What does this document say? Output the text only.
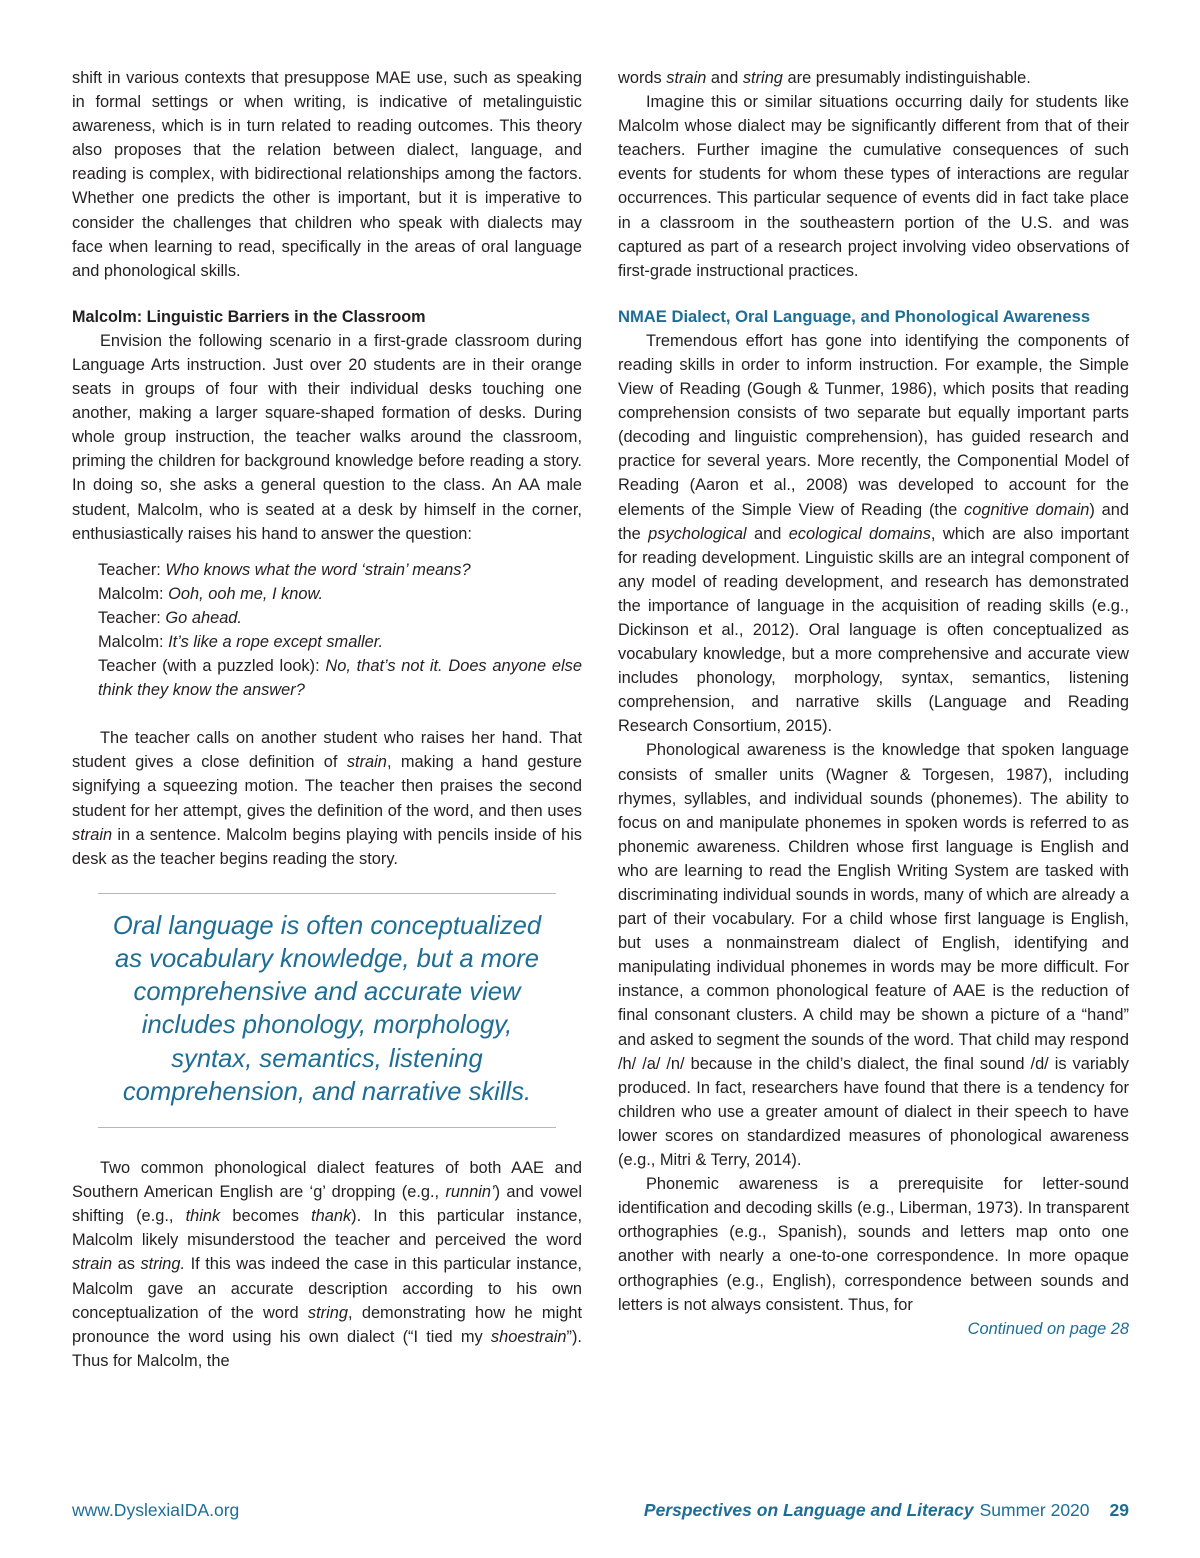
shift in various contexts that presuppose MAE use, such as speaking in formal settings or when writing, is indicative of metalinguistic awareness, which is in turn related to reading outcomes. This theory also proposes that the relation between dialect, language, and reading is complex, with bidirectional relationships among the factors. Whether one predicts the other is important, but it is imperative to consider the challenges that children who speak with dialects may face when learning to read, specifically in the areas of oral language and phonological skills.

Malcolm: Linguistic Barriers in the Classroom

Envision the following scenario in a first-grade classroom during Language Arts instruction. Just over 20 students are in their orange seats in groups of four with their individual desks touching one another, making a larger square-shaped formation of desks. During whole group instruction, the teacher walks around the classroom, priming the children for background knowledge before reading a story. In doing so, she asks a general question to the class. An AA male student, Malcolm, who is seated at a desk by himself in the corner, enthusiastically raises his hand to answer the question:

Teacher: Who knows what the word ‘strain’ means?
Malcolm: Ooh, ooh me, I know.
Teacher: Go ahead.
Malcolm: It’s like a rope except smaller.
Teacher (with a puzzled look): No, that’s not it. Does anyone else think they know the answer?

The teacher calls on another student who raises her hand. That student gives a close definition of strain, making a hand gesture signifying a squeezing motion. The teacher then praises the second student for her attempt, gives the definition of the word, and then uses strain in a sentence. Malcolm begins playing with pencils inside of his desk as the teacher begins reading the story.

Oral language is often conceptualized as vocabulary knowledge, but a more comprehensive and accurate view includes phonology, morphology, syntax, semantics, listening comprehension, and narrative skills.

Two common phonological dialect features of both AAE and Southern American English are ‘g’ dropping (e.g., runnin’) and vowel shifting (e.g., think becomes thank). In this particular instance, Malcolm likely misunderstood the teacher and perceived the word strain as string. If this was indeed the case in this particular instance, Malcolm gave an accurate description according to his own conceptualization of the word string, demonstrating how he might pronounce the word using his own dialect (“I tied my shoestrain”). Thus for Malcolm, the

words strain and string are presumably indistinguishable.

Imagine this or similar situations occurring daily for students like Malcolm whose dialect may be significantly different from that of their teachers. Further imagine the cumulative consequences of such events for students for whom these types of interactions are regular occurrences. This particular sequence of events did in fact take place in a classroom in the southeastern portion of the U.S. and was captured as part of a research project involving video observations of first-grade instructional practices.

NMAE Dialect, Oral Language, and Phonological Awareness

Tremendous effort has gone into identifying the components of reading skills in order to inform instruction. For example, the Simple View of Reading (Gough & Tunmer, 1986), which posits that reading comprehension consists of two separate but equally important parts (decoding and linguistic comprehension), has guided research and practice for several years. More recently, the Componential Model of Reading (Aaron et al., 2008) was developed to account for the elements of the Simple View of Reading (the cognitive domain) and the psychological and ecological domains, which are also important for reading development. Linguistic skills are an integral component of any model of reading development, and research has demonstrated the importance of language in the acquisition of reading skills (e.g., Dickinson et al., 2012). Oral language is often conceptualized as vocabulary knowledge, but a more comprehensive and accurate view includes phonology, morphology, syntax, semantics, listening comprehension, and narrative skills (Language and Reading Research Consortium, 2015).

Phonological awareness is the knowledge that spoken language consists of smaller units (Wagner & Torgesen, 1987), including rhymes, syllables, and individual sounds (phonemes). The ability to focus on and manipulate phonemes in spoken words is referred to as phonemic awareness. Children whose first language is English and who are learning to read the English Writing System are tasked with discriminating individual sounds in words, many of which are already a part of their vocabulary. For a child whose first language is English, but uses a nonmainstream dialect of English, identifying and manipulating individual phonemes in words may be more difficult. For instance, a common phonological feature of AAE is the reduction of final consonant clusters. A child may be shown a picture of a “hand” and asked to segment the sounds of the word. That child may respond /h/ /a/ /n/ because in the child’s dialect, the final sound /d/ is variably produced. In fact, researchers have found that there is a tendency for children who use a greater amount of dialect in their speech to have lower scores on standardized measures of phonological awareness (e.g., Mitri & Terry, 2014).

Phonemic awareness is a prerequisite for letter-sound identification and decoding skills (e.g., Liberman, 1973). In transparent orthographies (e.g., Spanish), sounds and letters map onto one another with nearly a one-to-one correspondence. In more opaque orthographies (e.g., English), correspondence between sounds and letters is not always consistent. Thus, for

Continued on page 28
www.DyslexiaIDA.org	Perspectives on Language and Literacy Summer 2020 29
